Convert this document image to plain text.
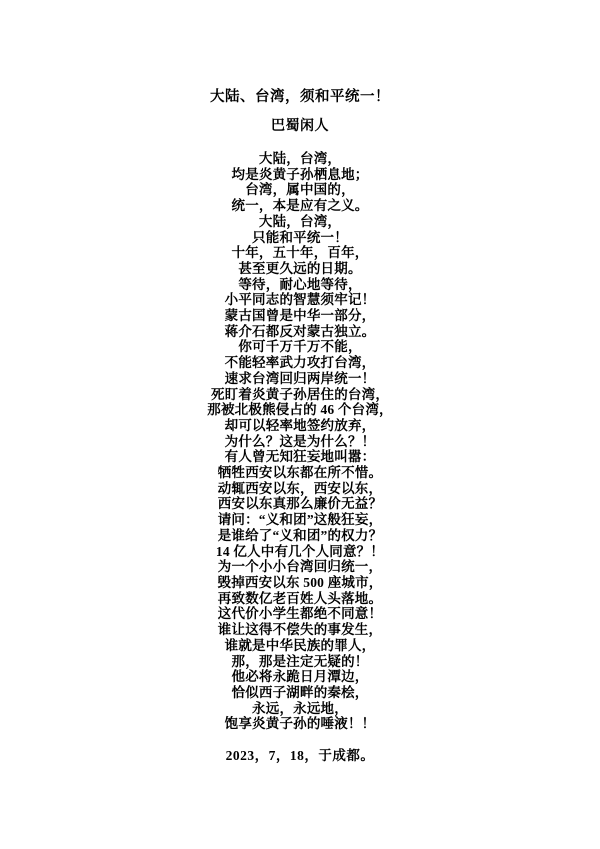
大陆、台湾，须和平统一！
巴蜀闲人
大陆，台湾，
均是炎黄子孙栖息地；
台湾，属中国的，
统一，本是应有之义。
大陆，台湾，
只能和平统一！
十年，五十年，百年，
甚至更久远的日期。
等待，耐心地等待，
小平同志的智慧须牢记！
蒙古国曾是中华一部分，
蒋介石都反对蒙古独立。
你可千万千万不能，
不能轻率武力攻打台湾，
速求台湾回归两岸统一！
死盯着炎黄子孙居住的台湾，
那被北极熊侵占的 46 个台湾，
却可以轻率地签约放弃，
为什么？这是为什么？！
有人曾无知狂妄地叫嚣：
牺牲西安以东都在所不惜。
动辄西安以东，西安以东，
西安以东真那么廉价无益？
请问：“义和团”这般狂妄，
是谁给了“义和团”的权力？
14 亿人中有几个人同意？！
为一个小小台湾回归统一，
毁掉西安以东 500 座城市，
再致数亿老百姓人头落地。
这代价小学生都绝不同意！
谁让这得不偿失的事发生，
谁就是中华民族的罪人，
那，那是注定无疑的！
他必将永跪日月潭边，
恰似西子湖畔的秦桧，
永远，永远地，
饱享炎黄子孙的唾液！！
2023，7，18，于成都。
